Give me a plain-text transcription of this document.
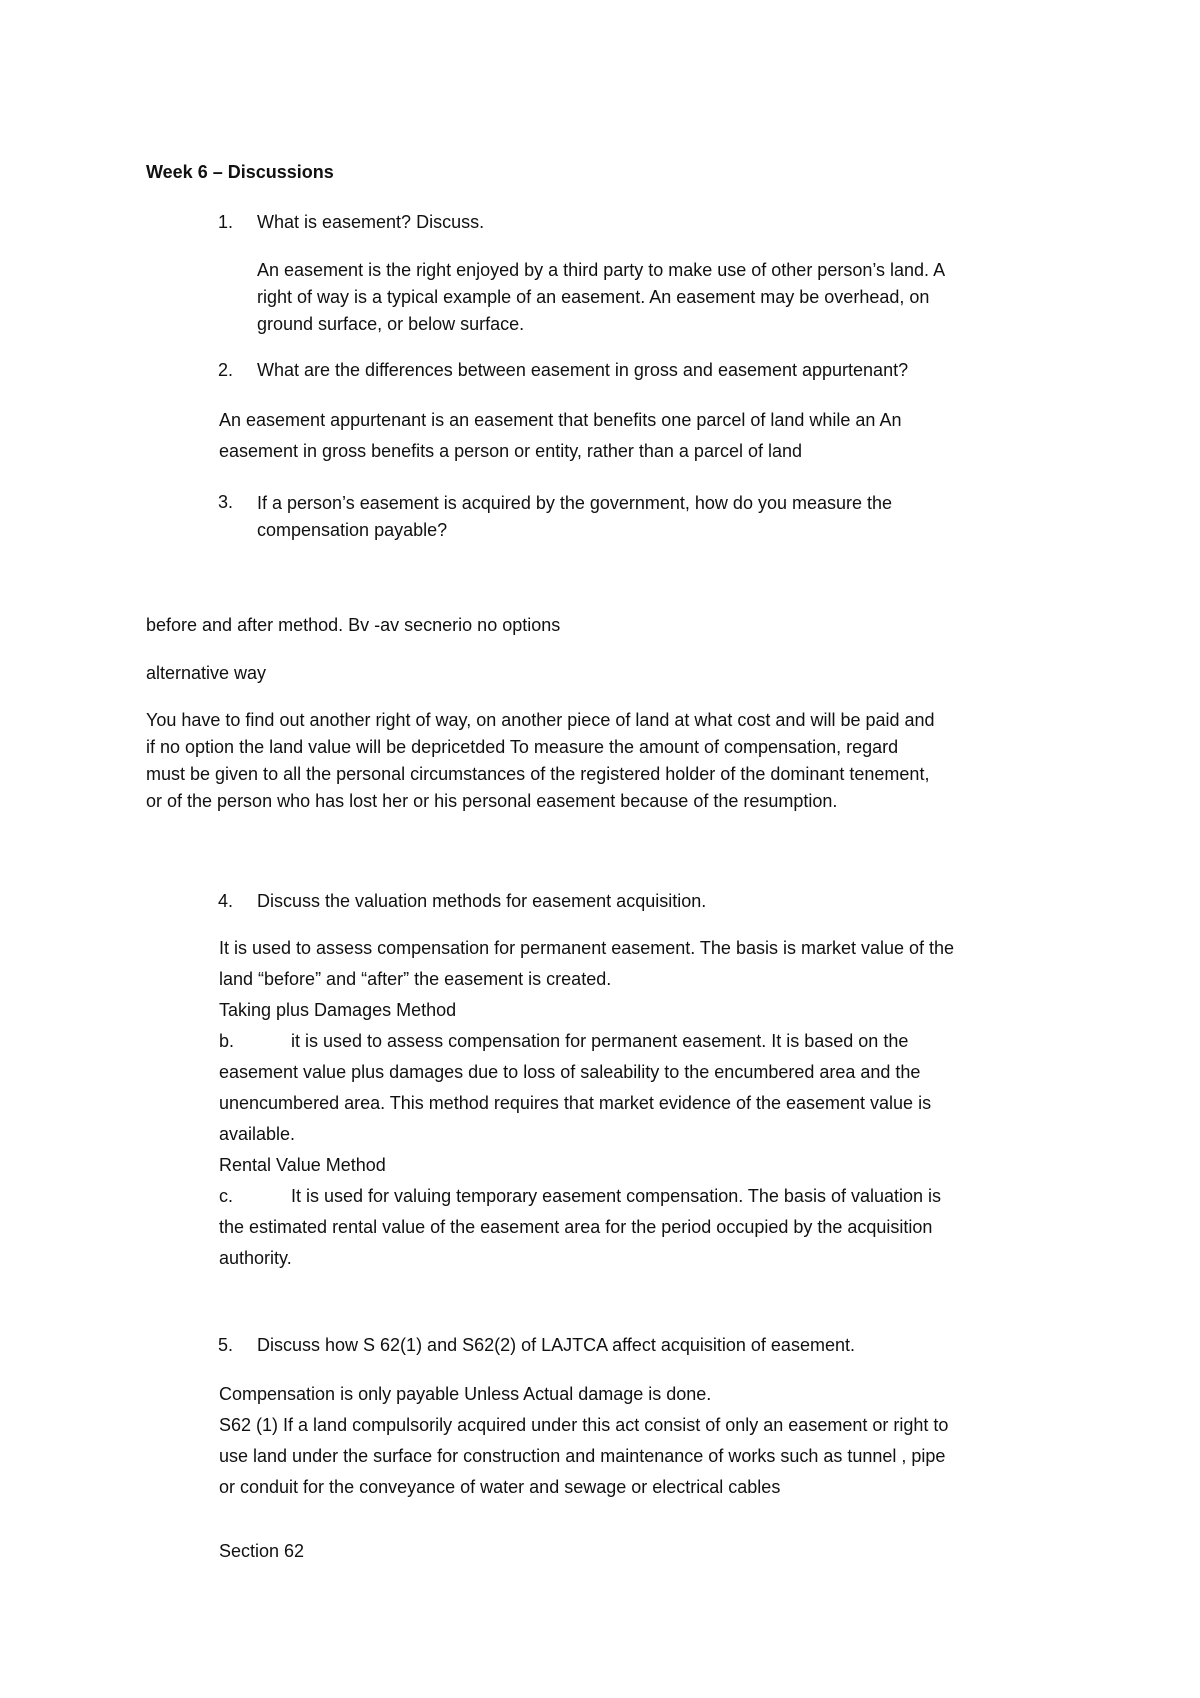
Week 6 – Discussions

1. What is easement? Discuss.

An easement is the right enjoyed by a third party to make use of other person’s land. A

right of way is a typical example of an easement. An easement may be overhead, on

ground surface, or below surface.

2. What are the differences between easement in gross and easement appurtenant?

An easement appurtenant is an easement that benefits one parcel of land while an An

easement in gross benefits a person or entity, rather than a parcel of land

3. If a person’s easement is acquired by the government, how do you measure the

compensation payable?

before and after method. Bv -av secnerio no options

alternative way

You have to find out another right of way, on another piece of land at what cost and will be paid and

if no option the land value will be depricetded To measure the amount of compensation, regard

must be given to all the personal circumstances of the registered holder of the dominant tenement,

or of the person who has lost her or his personal easement because of the resumption.

4. Discuss the valuation methods for easement acquisition.

It is used to assess compensation for permanent easement. The basis is market value of the

land “before” and “after” the easement is created.

Taking plus Damages Method

b.	it is used to assess compensation for permanent easement. It is based on the

easement value plus damages due to loss of saleability to the encumbered area and the

unencumbered area. This method requires that market evidence of the easement value is

available.

Rental Value Method

c.	It is used for valuing temporary easement compensation. The basis of valuation is

the estimated rental value of the easement area for the period occupied by the acquisition

authority.

5. Discuss how S 62(1) and S62(2) of LAJTCA affect acquisition of easement.

Compensation is only payable Unless Actual damage is done.

S62 (1) If a land compulsorily acquired under this act consist of only an easement or right to

use land under the surface for construction and maintenance of works such as tunnel , pipe

or conduit for the conveyance of water and sewage or electrical cables

Section 62
